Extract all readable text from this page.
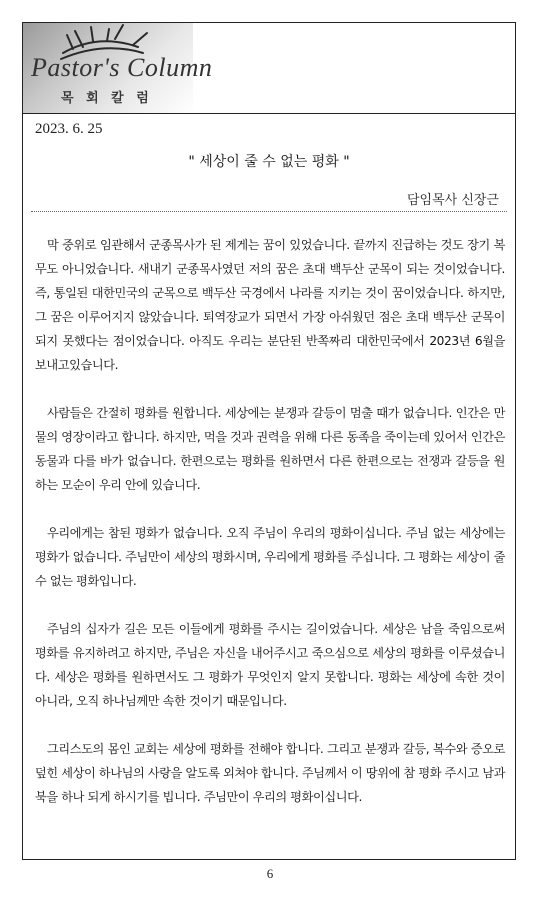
Pastor's Column
목 회 칼 럼
2023. 6. 25
" 세상이 줄 수 없는 평화 "
담임목사 신장근

막 중위로 임관해서 군종목사가 된 제게는 꿈이 있었습니다. 끝까지 진급하는 것도 장기 복무도 아니었습니다. 새내기 군종목사였던 저의 꿈은 초대 백두산 군목이 되는 것이었습니다. 즉, 통일된 대한민국의 군목으로 백두산 국경에서 나라를 지키는 것이 꿈이었습니다. 하지만, 그 꿈은 이루어지지 않았습니다. 퇴역장교가 되면서 가장 아쉬웠던 점은 초대 백두산 군목이 되지 못했다는 점이었습니다. 아직도 우리는 분단된 반쪽짜리 대한민국에서 2023년 6월을 보내고있습니다.

사람들은 간절히 평화를 원합니다. 세상에는 분쟁과 갈등이 멈출 때가 없습니다. 인간은 만물의 영장이라고 합니다. 하지만, 먹을 것과 권력을 위해 다른 동족을 죽이는데 있어서 인간은 동물과 다를 바가 없습니다. 한편으로는 평화를 원하면서 다른 한편으로는 전쟁과 갈등을 원하는 모순이 우리 안에 있습니다.

우리에게는 참된 평화가 없습니다. 오직 주님이 우리의 평화이십니다. 주님 없는 세상에는 평화가 없습니다. 주님만이 세상의 평화시며, 우리에게 평화를 주십니다. 그 평화는 세상이 줄 수 없는 평화입니다.

주님의 십자가 길은 모든 이들에게 평화를 주시는 길이었습니다. 세상은 남을 죽임으로써 평화를 유지하려고 하지만, 주님은 자신을 내어주시고 죽으심으로 세상의 평화를 이루셨습니다. 세상은 평화를 원하면서도 그 평화가 무엇인지 알지 못합니다. 평화는 세상에 속한 것이 아니라, 오직 하나님께만 속한 것이기 때문입니다.

그리스도의 몸인 교회는 세상에 평화를 전해야 합니다. 그리고 분쟁과 갈등, 복수와 증오로 덮힌 세상이 하나님의 사랑을 알도록 외쳐야 합니다. 주님께서 이 땅위에 참 평화 주시고 남과 북을 하나 되게 하시기를 빕니다. 주님만이 우리의 평화이십니다.

6
